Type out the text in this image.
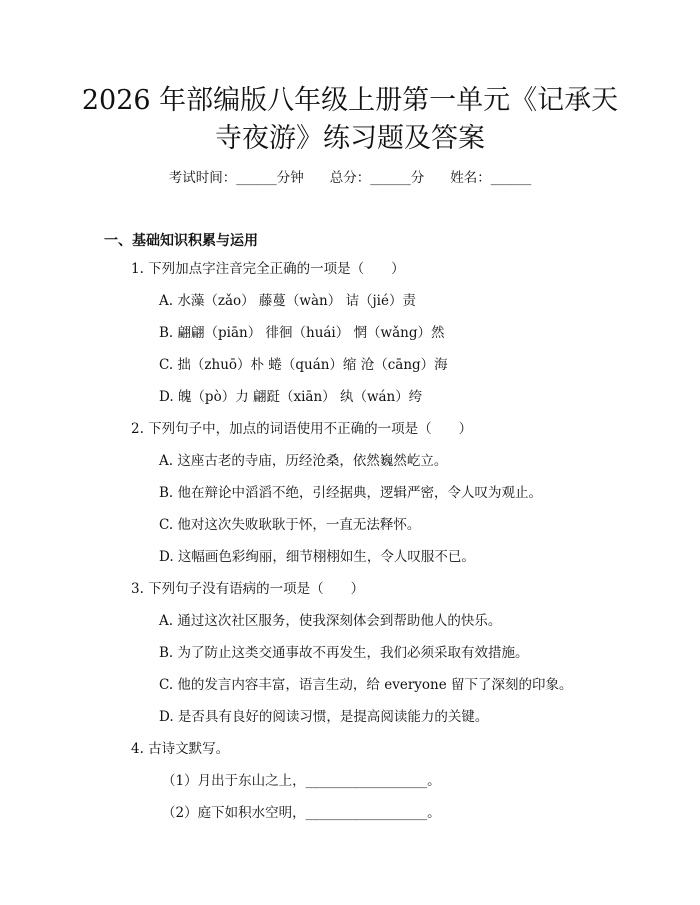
2026 年部编版八年级上册第一单元《记承天
寺夜游》练习题及答案
考试时间：______分钟 总分：______分 姓名：______
一、基础知识积累与运用
1. 下列加点字注音完全正确的一项是（　　）
A. 水藻（zǎo） 藤蔓（wàn） 诘（jié）责
B. 翩翩（piān） 徘徊（huái） 惘（wǎng）然
C. 拙（zhuō）朴 蜷（quán）缩 沧（cāng）海
D. 魄（pò）力 翩跹（xiān） 纨（wán）绔
2. 下列句子中，加点的词语使用不正确的一项是（　　）
A. 这座古老的寺庙，历经沧桑，依然巍然屹立。
B. 他在辩论中滔滔不绝，引经据典，逻辑严密，令人叹为观止。
C. 他对这次失败耿耿于怀，一直无法释怀。
D. 这幅画色彩绚丽，细节栩栩如生，令人叹服不已。
3. 下列句子没有语病的一项是（　　）
A. 通过这次社区服务，使我深刻体会到帮助他人的快乐。
B. 为了防止这类交通事故不再发生，我们必须采取有效措施。
C. 他的发言内容丰富，语言生动，给 everyone 留下了深刻的印象。
D. 是否具有良好的阅读习惯，是提高阅读能力的关键。
4. 古诗文默写。
（1）月出于东山之上，__________________。
（2）庭下如积水空明，__________________。
